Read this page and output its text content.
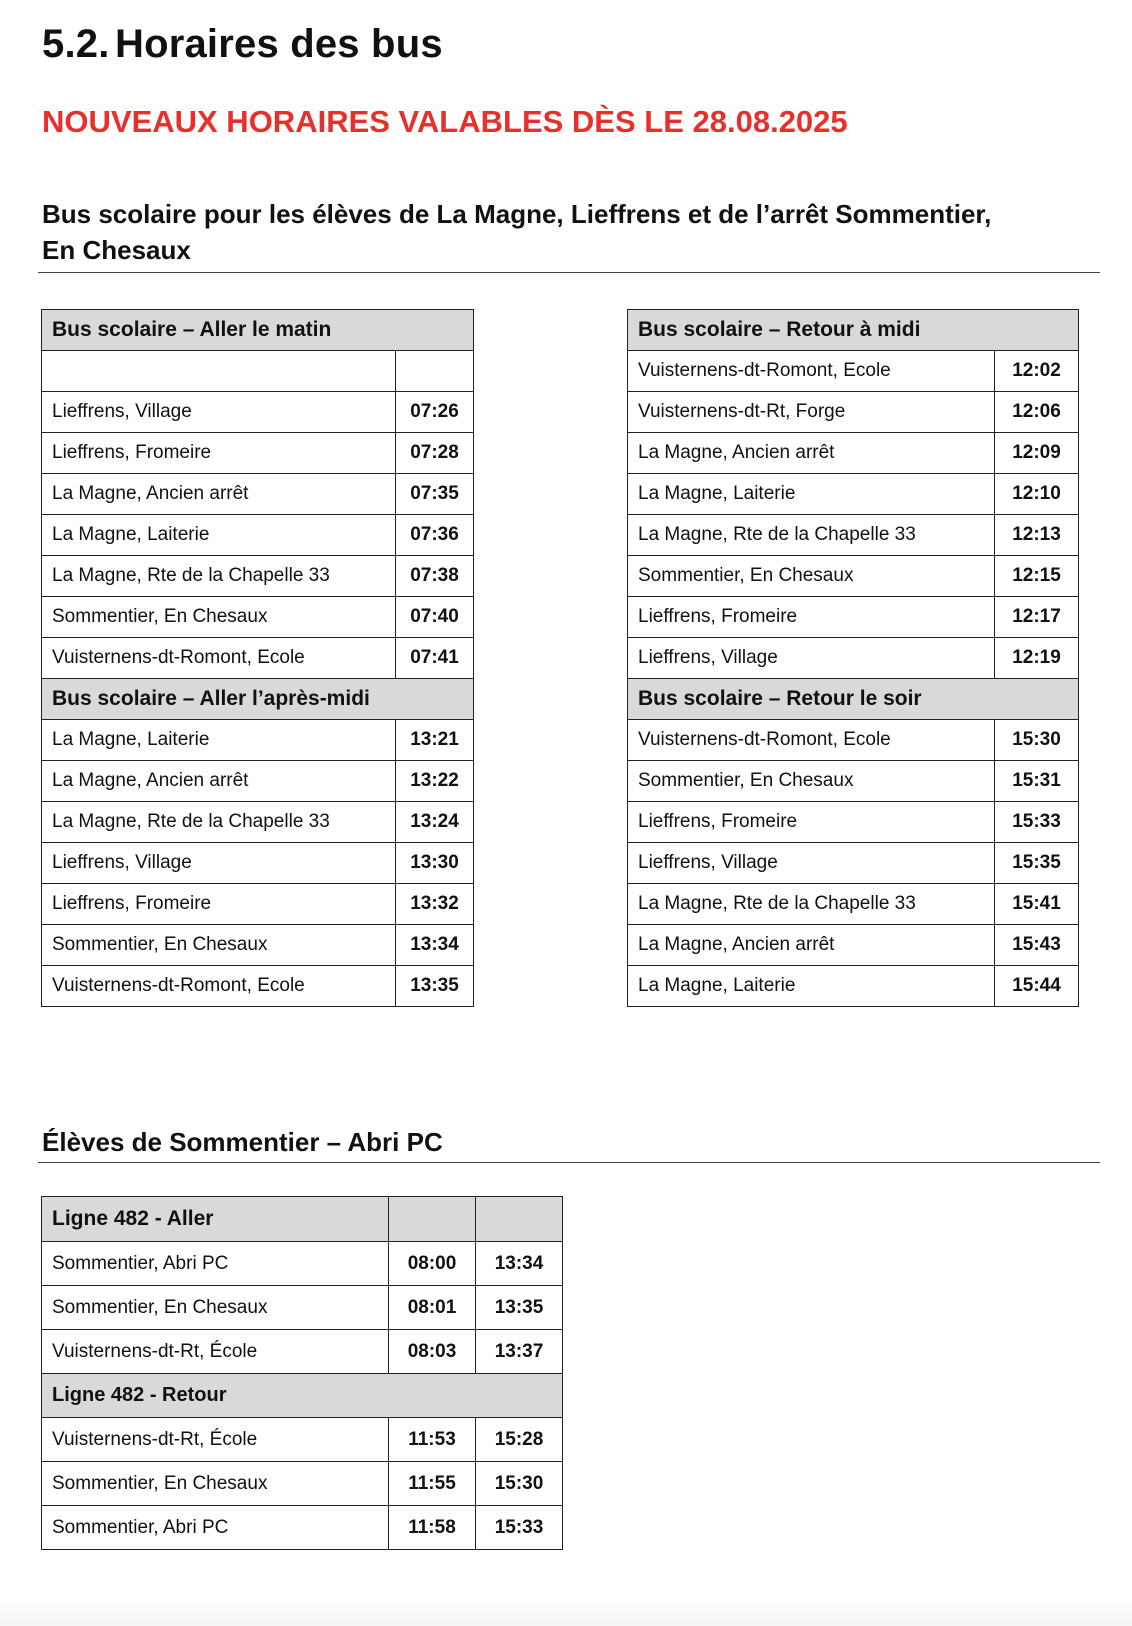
5.2. Horaires des bus
NOUVEAUX HORAIRES VALABLES DÈS LE 28.08.2025
Bus scolaire pour les élèves de La Magne, Lieffrens et de l’arrêt Sommentier,
En Chesaux
Bus scolaire – Aller le matin	

Lieffrens, Village	07:26
Lieffrens, Fromeire	07:28
La Magne, Ancien arrêt	07:35
La Magne, Laiterie	07:36
La Magne, Rte de la Chapelle 33	07:38
Sommentier, En Chesaux	07:40
Vuisternens-dt-Romont, Ecole	07:41
Bus scolaire – Aller l’après-midi	
La Magne, Laiterie	13:21
La Magne, Ancien arrêt	13:22
La Magne, Rte de la Chapelle 33	13:24
Lieffrens, Village	13:30
Lieffrens, Fromeire	13:32
Sommentier, En Chesaux	13:34
Vuisternens-dt-Romont, Ecole	13:35
Bus scolaire – Retour à midi	
Vuisternens-dt-Romont, Ecole	12:02
Vuisternens-dt-Rt, Forge	12:06
La Magne, Ancien arrêt	12:09
La Magne, Laiterie	12:10
La Magne, Rte de la Chapelle 33	12:13
Sommentier, En Chesaux	12:15
Lieffrens, Fromeire	12:17
Lieffrens, Village	12:19
Bus scolaire – Retour le soir	
Vuisternens-dt-Romont, Ecole	15:30
Sommentier, En Chesaux	15:31
Lieffrens, Fromeire	15:33
Lieffrens, Village	15:35
La Magne, Rte de la Chapelle 33	15:41
La Magne, Ancien arrêt	15:43
La Magne, Laiterie	15:44
Élèves de Sommentier – Abri PC
Ligne 482 - Aller		
Sommentier, Abri PC	08:00	13:34
Sommentier, En Chesaux	08:01	13:35
Vuisternens-dt-Rt, École	08:03	13:37
Ligne 482 - Retour		
Vuisternens-dt-Rt, École	11:53	15:28
Sommentier, En Chesaux	11:55	15:30
Sommentier, Abri PC	11:58	15:33
